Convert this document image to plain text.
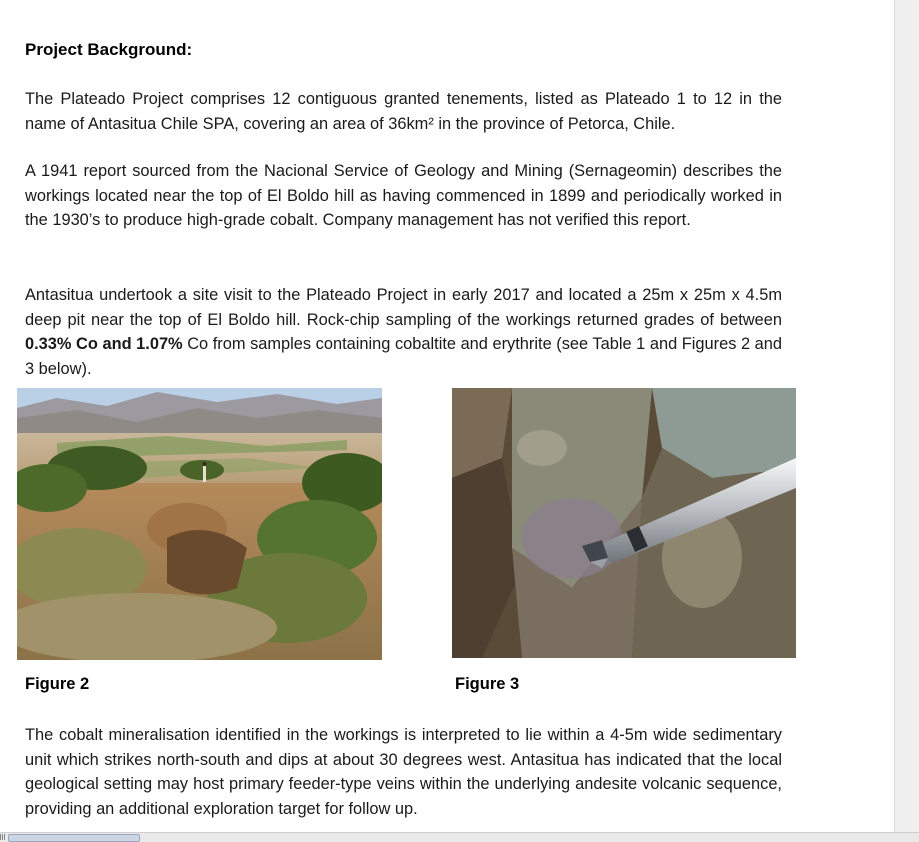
Project Background:

The Plateado Project comprises 12 contiguous granted tenements, listed as Plateado 1 to 12 in the name of Antasitua Chile SPA, covering an area of 36km² in the province of Petorca, Chile.

A 1941 report sourced from the Nacional Service of Geology and Mining (Sernageomin) describes the workings located near the top of El Boldo hill as having commenced in 1899 and periodically worked in the 1930’s to produce high-grade cobalt. Company management has not verified this report.

Antasitua undertook a site visit to the Plateado Project in early 2017 and located a 25m x 25m x 4.5m deep pit near the top of El Boldo hill. Rock-chip sampling of the workings returned grades of between 0.33% Co and 1.07% Co from samples containing cobaltite and erythrite (see Table 1 and Figures 2 and 3 below).

Figure 2	Figure 3

The cobalt mineralisation identified in the workings is interpreted to lie within a 4-5m wide sedimentary unit which strikes north-south and dips at about 30 degrees west. Antasitua has indicated that the local geological setting may host primary feeder-type veins within the underlying andesite volcanic sequence, providing an additional exploration target for follow up.
